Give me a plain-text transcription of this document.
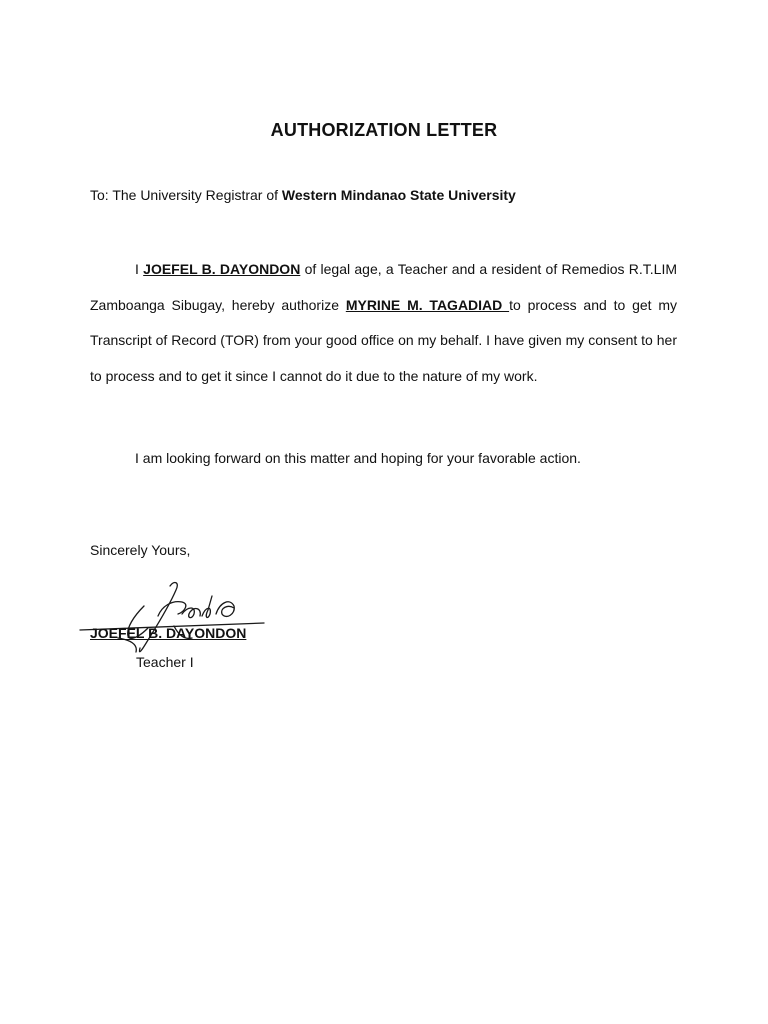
AUTHORIZATION LETTER
To: The University Registrar of Western Mindanao State University
I JOEFEL B. DAYONDON of legal age, a Teacher and a resident of Remedios R.T.LIM Zamboanga Sibugay, hereby authorize MYRINE M. TAGADIAD to process and to get my Transcript of Record (TOR) from your good office on my behalf. I have given my consent to her to process and to get it since I cannot do it due to the nature of my work.
I am looking forward on this matter and hoping for your favorable action.
Sincerely Yours,
JOEFEL B. DAYONDON
Teacher I
